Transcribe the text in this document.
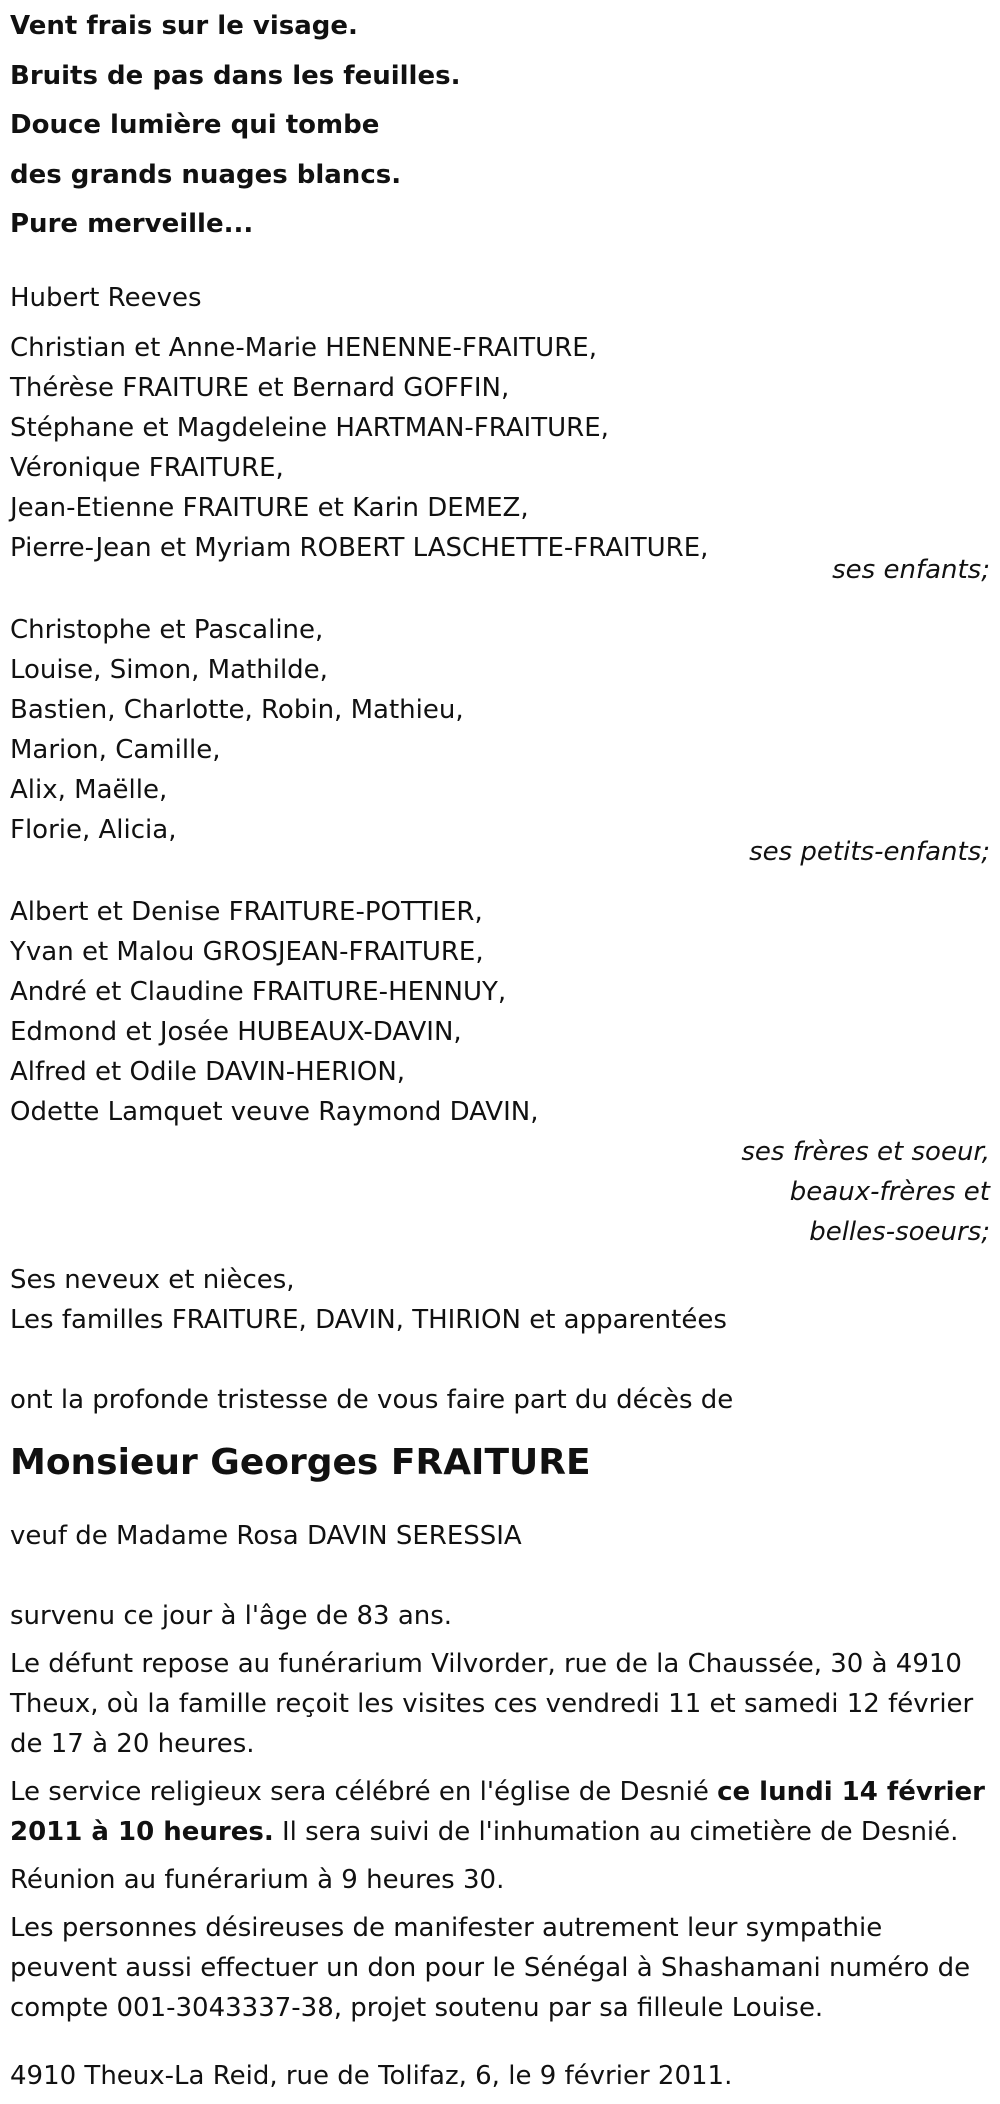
Vent frais sur le visage.
Bruits de pas dans les feuilles.
Douce lumière qui tombe
des grands nuages blancs.
Pure merveille...
Hubert Reeves
Christian et Anne-Marie HENENNE-FRAITURE,
Thérèse FRAITURE et Bernard GOFFIN,
Stéphane et Magdeleine HARTMAN-FRAITURE,
Véronique FRAITURE,
Jean-Etienne FRAITURE et Karin DEMEZ,
Pierre-Jean et Myriam ROBERT LASCHETTE-FRAITURE,
ses enfants;
Christophe et Pascaline,
Louise, Simon, Mathilde,
Bastien, Charlotte, Robin, Mathieu,
Marion, Camille,
Alix, Maëlle,
Florie, Alicia,
ses petits-enfants;
Albert et Denise FRAITURE-POTTIER,
Yvan et Malou GROSJEAN-FRAITURE,
André et Claudine FRAITURE-HENNUY,
Edmond et Josée HUBEAUX-DAVIN,
Alfred et Odile DAVIN-HERION,
Odette Lamquet veuve Raymond DAVIN,
ses frères et soeur,
beaux-frères et
belles-soeurs;
Ses neveux et nièces,
Les familles FRAITURE, DAVIN, THIRION et apparentées
ont la profonde tristesse de vous faire part du décès de
Monsieur Georges FRAITURE
veuf de Madame Rosa DAVIN SERESSIA
survenu ce jour à l'âge de 83 ans.
Le défunt repose au funérarium Vilvorder, rue de la Chaussée, 30 à 4910 Theux, où la famille reçoit les visites ces vendredi 11 et samedi 12 février de 17 à 20 heures.
Le service religieux sera célébré en l'église de Desnié ce lundi 14 février 2011 à 10 heures. Il sera suivi de l'inhumation au cimetière de Desnié.
Réunion au funérarium à 9 heures 30.
Les personnes désireuses de manifester autrement leur sympathie peuvent aussi effectuer un don pour le Sénégal à Shashamani numéro de compte 001-3043337-38, projet soutenu par sa filleule Louise.
4910 Theux-La Reid, rue de Tolifaz, 6, le 9 février 2011.
